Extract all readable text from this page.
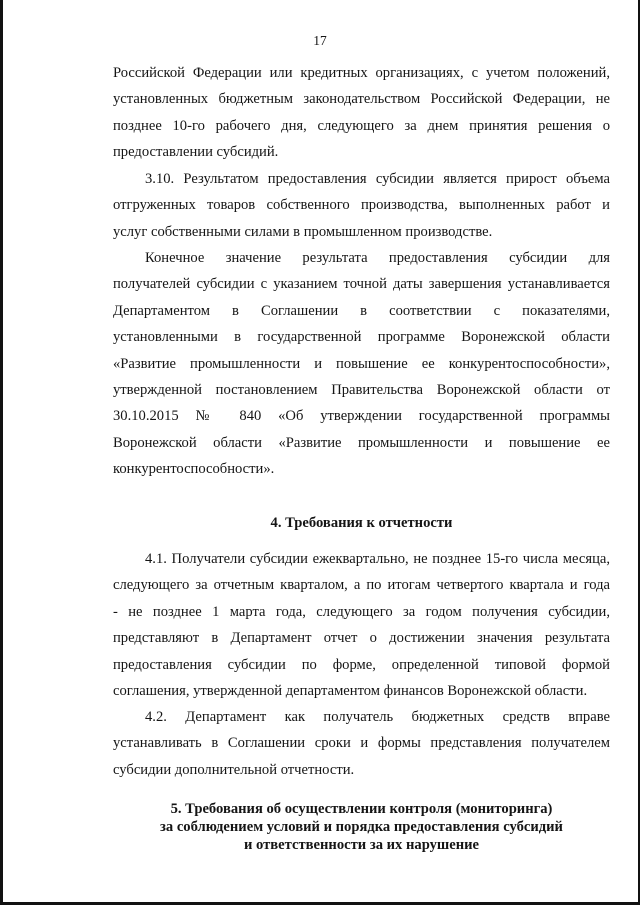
17
Российской Федерации или кредитных организациях, с учетом положений,
установленных бюджетным законодательством Российской Федерации, не
позднее 10-го рабочего дня, следующего за днем принятия решения о
предоставлении субсидий.
3.10. Результатом предоставления субсидии является прирост объема
отгруженных товаров собственного производства, выполненных работ и
услуг собственными силами в промышленном производстве.
Конечное значение результата предоставления субсидии для
получателей субсидии с указанием точной даты завершения устанавливается
Департаментом в Соглашении в соответствии с показателями,
установленными в государственной программе Воронежской области
«Развитие промышленности и повышение ее конкурентоспособности»,
утвержденной постановлением Правительства Воронежской области от
30.10.2015 № 840 «Об утверждении государственной программы
Воронежской области «Развитие промышленности и повышение ее
конкурентоспособности».
4. Требования к отчетности
4.1. Получатели субсидии ежеквартально, не позднее 15-го числа месяца,
следующего за отчетным кварталом, а по итогам четвертого квартала и года
- не позднее 1 марта года, следующего за годом получения субсидии,
представляют в Департамент отчет о достижении значения результата
предоставления субсидии по форме, определенной типовой формой
соглашения, утвержденной департаментом финансов Воронежской области.
4.2. Департамент как получатель бюджетных средств вправе
устанавливать в Соглашении сроки и формы представления получателем
субсидии дополнительной отчетности.
5. Требования об осуществлении контроля (мониторинга)
за соблюдением условий и порядка предоставления субсидий
и ответственности за их нарушение
